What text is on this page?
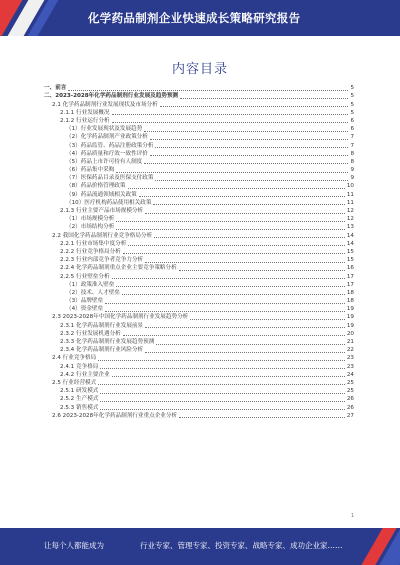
化学药品制剂企业快速成长策略研究报告
内容目录
一、前言	5
二、2023-2028年化学药品制剂行业发展及趋势预测	5
2.1 化学药品制剂行业发展现状及市场分析	5
2.1.1 行业发展概况	5
2.1.2 行业运行分析	6
（1）行业发展现状及发展趋势	6
（2）化学药品制剂产业政策分析	7
（3）药品监管、药品注册政策分析	7
（4）药品质量和疗效一致性评价	8
（5）药品上市许可持有人制度	8
（6）药品集中采购	9
（7）医保药品目录及医保支付政策	9
（8）药品价格管理政策	10
（9）药品流通领域相关政策	11
（10）医疗机构药品使用相关政策	11
2.1.3 行业主要产品市场规模分析	12
（1）市场规模分析	12
（2）市场结构分析	13
2.2 我国化学药品制剂行业竞争格局分析	14
2.2.1 行业市场集中度分析	14
2.2.2 行业竞争格局分析	15
2.2.3 行业内部竞争者竞争力分析	15
2.2.4 化学药品制剂重点企业主要竞争策略分析	16
2.2.5 行业壁垒分析	17
（1）政策准入壁垒	17
（2）技术、人才壁垒	18
（3）品牌壁垒	18
（4）资金壁垒	19
2.3 2023-2028年中国化学药品制剂行业发展趋势分析	19
2.3.1 化学药品制剂行业发展前景	19
2.3.2 行业发展机遇分析	20
2.3.3 化学药品制剂行业发展趋势预测	21
2.3.4 化学药品制剂行业风险分析	22
2.4 行业竞争格局	23
2.4.1 竞争格局	23
2.4.2 行业主要企业	24
2.5 行业经营模式	25
2.5.1 研发模式	25
2.5.2 生产模式	26
2.5.3 销售模式	26
2.6 2023-2028年化学药品制剂行业重点企业分析	27
1
让每个人都能成为	行业专家、管理专家、投资专家、战略专家、成功企业家……
